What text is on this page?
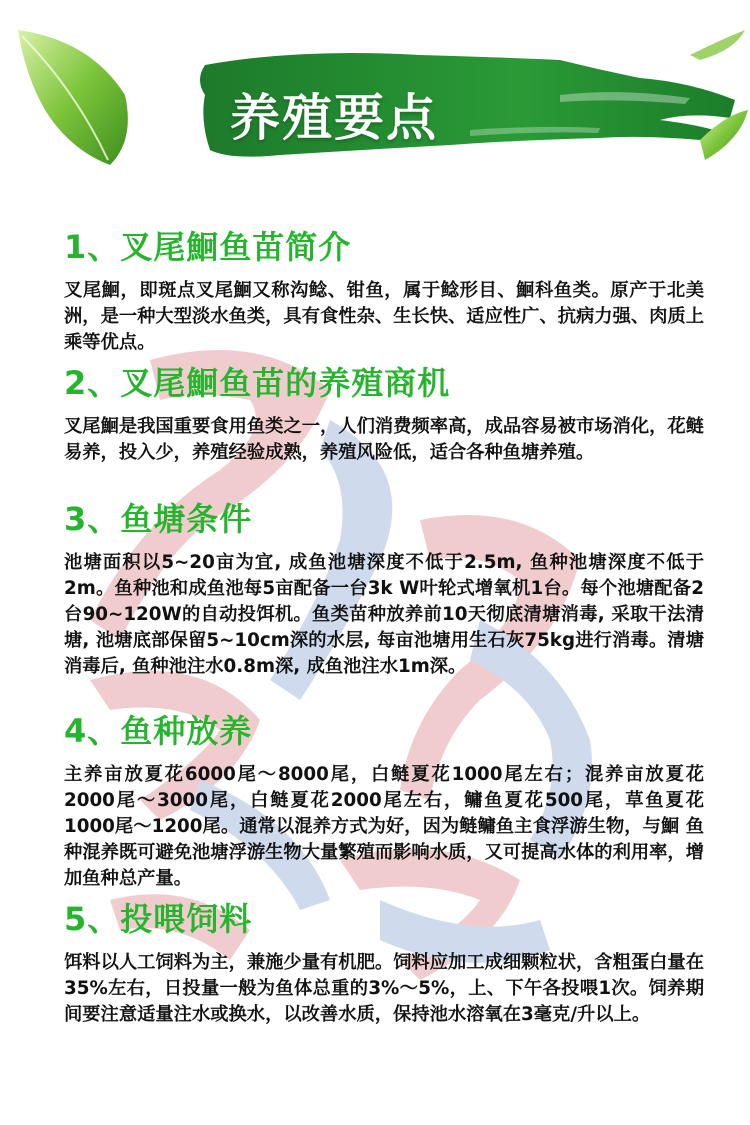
养殖要点
1、叉尾鮰鱼苗简介

叉尾鮰，即斑点叉尾鮰又称沟鲶、钳鱼，属于鲶形目、鮰科鱼类。原产于北美洲，是一种大型淡水鱼类，具有食性杂、生长快、适应性广、抗病力强、肉质上乘等优点。

2、叉尾鮰鱼苗的养殖商机

叉尾鮰是我国重要食用鱼类之一，人们消费频率高，成品容易被市场消化，花鲢易养，投入少，养殖经验成熟，养殖风险低，适合各种鱼塘养殖。

3、鱼塘条件

池塘面积以5~20亩为宜, 成鱼池塘深度不低于2.5m, 鱼种池塘深度不低于2m。鱼种池和成鱼池每5亩配备一台3k W叶轮式增氧机1台。每个池塘配备2台90~120W的自动投饵机。鱼类苗种放养前10天彻底清塘消毒, 采取干法清塘, 池塘底部保留5~10cm深的水层, 每亩池塘用生石灰75kg进行消毒。清塘消毒后, 鱼种池注水0.8m深, 成鱼池注水1m深。

4、鱼种放养

主养亩放夏花6000尾～8000尾，白鲢夏花1000尾左右；混养亩放夏花2000尾～3000尾，白鲢夏花2000尾左右，鳙鱼夏花500尾，草鱼夏花1000尾～1200尾。通常以混养方式为好，因为鲢鳙鱼主食浮游生物，与鮰 鱼种混养既可避免池塘浮游生物大量繁殖而影响水质，又可提高水体的利用率，增加鱼种总产量。

5、投喂饲料

饵料以人工饲料为主，兼施少量有机肥。饲料应加工成细颗粒状，含粗蛋白量在35%左右，日投量一般为鱼体总重的3%～5%，上、下午各投喂1次。饲养期间要注意适量注水或换水，以改善水质，保持池水溶氧在3毫克/升以上。
